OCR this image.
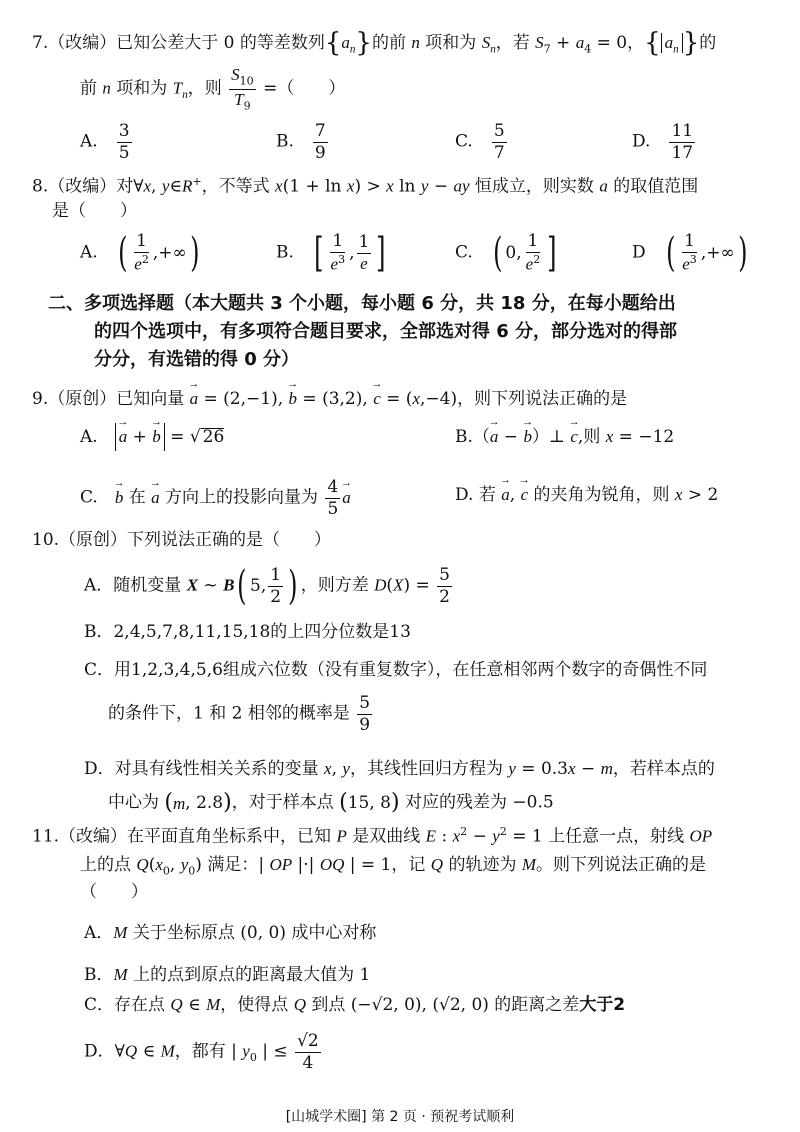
7.（改编）已知公差大于 0 的等差数列$\{a_n\}$的前 n 项和为 $S_n$，若 $S_7 + a_4 = 0$，{ $a_n$ }的
前 n 项和为 $T_n$，则 $\frac{S_{10}}{T_9}$ =（　　）
A.　 $\frac{3}{5}$	B.　 $\frac{7}{9}$	C.　 $\frac{5}{7}$	D.　 $\frac{11}{17}$
8.（改编）对∀x, y∈R+，不等式 x(1 + ln x) > x ln y − ay 恒成立，则实数 a 的取值范围
是（　　）
A.　 ( $\frac{1}{e^2}$ ,+∞ )	B.　 [ $\frac{1}{e^3}$ , $\frac{1}{e}$ ]	C.　 ( 0, $\frac{1}{e^2}$ ]	D　 ( $\frac{1}{e^3}$ ,+∞ )
二、多项选择题（本大题共 3 个小题，每小题 6 分，共 18 分，在每小题给出
的四个选项中，有多项符合题目要求，全部选对得 6 分，部分选对的得部
分分，有选错的得 0 分）
9.（原创）已知向量 → a = (2,−1), → b = (3,2), → c = (x,−4)，则下列说法正确的是
A.　→ a + → b = √ 26	B.（→ a − → b）⊥ → c,则 x = −12
C.　→ b 在 → a 方向上的投影向量为 $\frac{4}{5}$
→ a	D. 若 → a, → c 的夹角为锐角，则 x > 2
10.（原创）下列说法正确的是（　　）
A．随机变量 X ~ B ( 5, $\frac{1}{2}$ ) ，则方差 $D(X) = \frac{5}{2}$
B．2,4,5,7,8,11,15,18的上四分位数是13
C．用1,2,3,4,5,6组成六位数（没有重复数字），在任意相邻两个数字的奇偶性不同
的条件下，1 和 2 相邻的概率是 $\frac{5}{9}$
D．对具有线性相关关系的变量 x, y，其线性回归方程为 y = 0.3x − m，若样本点的
中心为 ( m , 2.8 ) ，对于样本点 ( 15, 8 ) 对应的残差为 −0.5
11.（改编）在平面直角坐标系中，已知 P 是双曲线 E : $x^2 - y^2 = 1$ 上任意一点，射线 OP
上的点 $Q(x_0$, $y_0$) 满足：| OP |·| OQ | = 1，记 Q 的轨迹为 M。则下列说法正确的是
（　　）
A．M 关于坐标原点 (0, 0) 成中心对称
B．M 上的点到原点的距离最大值为 1
C．存在点 Q ∈ M，使得点 Q 到点 (−√2, 0), (√2, 0) 的距离之差大于2
D．∀Q ∈ M，都有 | $y_0$ | ≤ $\frac{√2}{4}$
[山城学术圈] 第 2 页 · 预祝考试顺利
